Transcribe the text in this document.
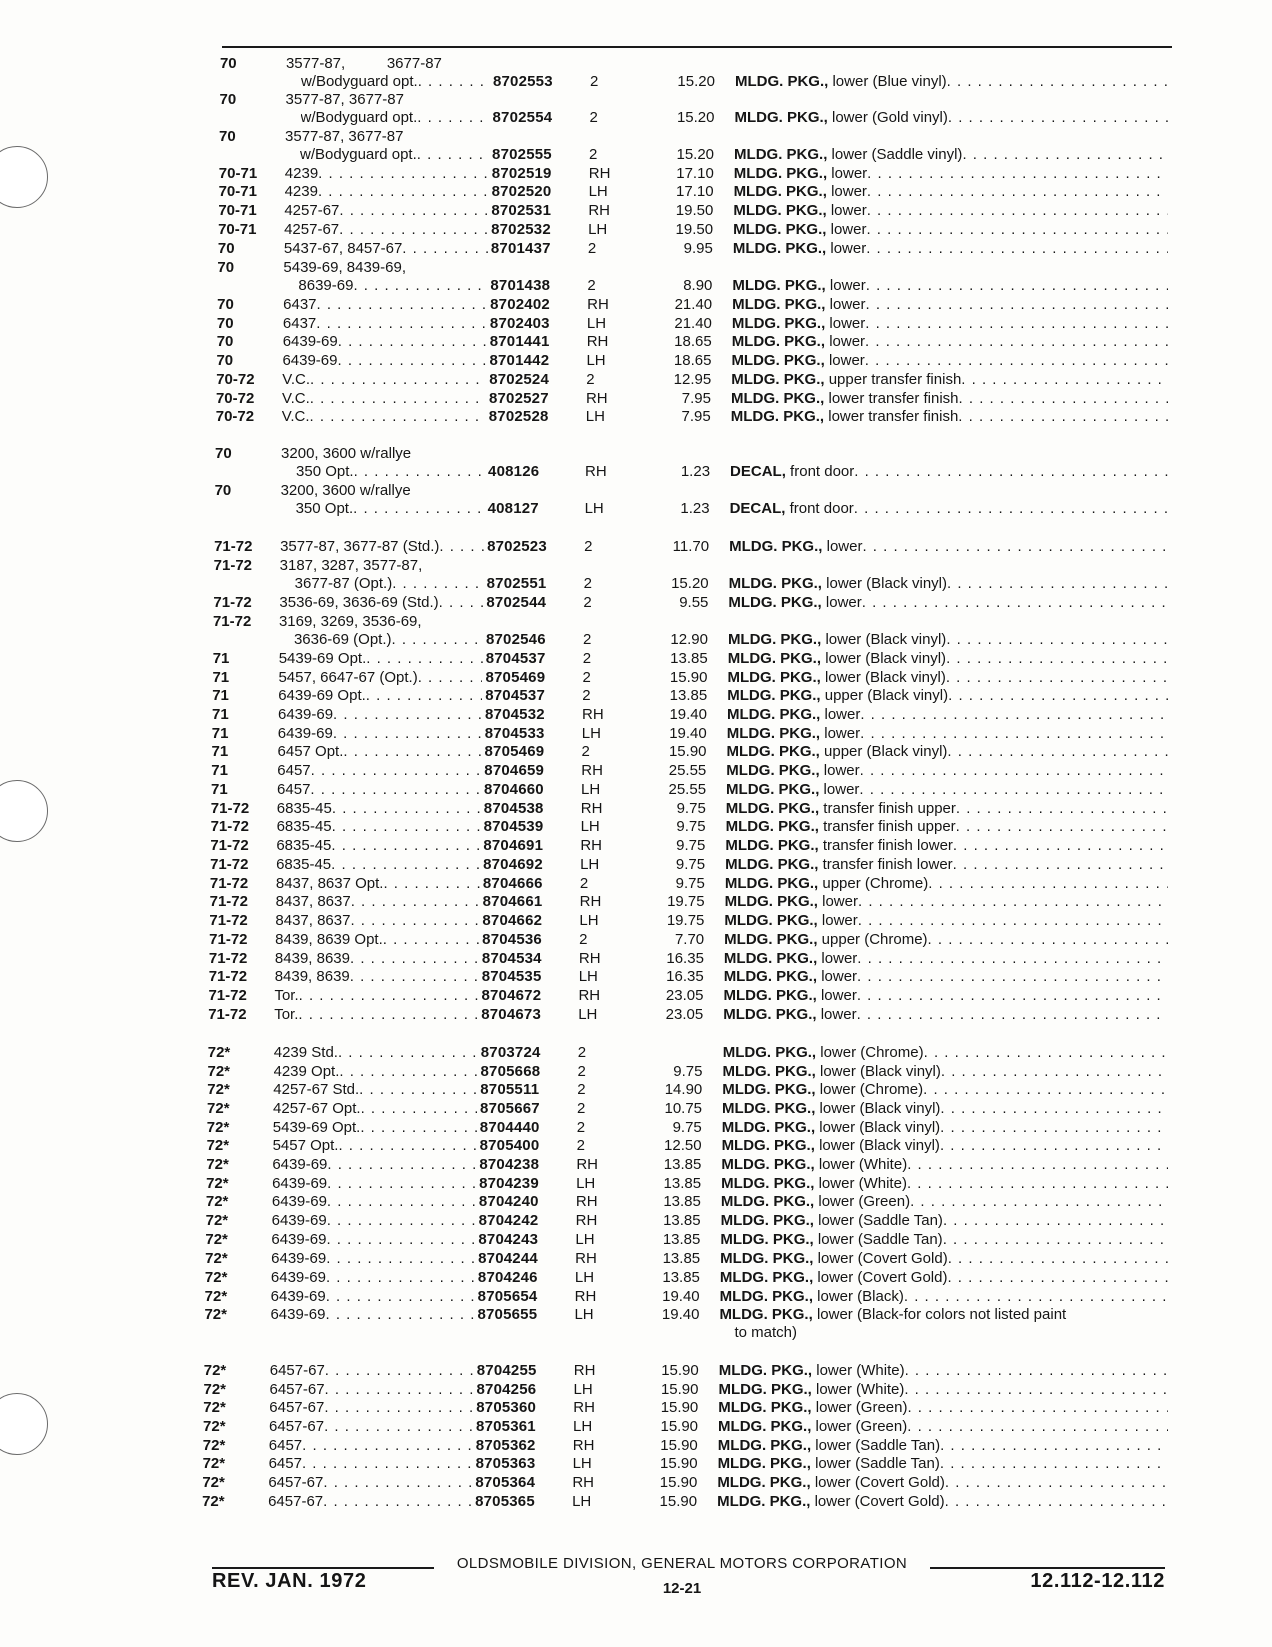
70	3577-87,          3677-87
w/Bodyguard opt. . . .	8702553 2	15.20 MLDG. PKG., lower (Blue vinyl)
. . .
70	3577-87, 3677-87
w/Bodyguard opt. . . .	8702554 2	15.20 MLDG. PKG., lower (Gold vinyl)
. . .
70	3577-87, 3677-87
w/Bodyguard opt. . . .	8702555 2	15.20 MLDG. PKG., lower (Saddle vinyl)
. . .
70-71 4239 . . .	8702519 RH	17.10 MLDG. PKG., lower
. . .
70-71 4239 . . .	8702520 LH	17.10 MLDG. PKG., lower
. . .
70-71 4257-67 . . .	8702531 RH	19.50 MLDG. PKG., lower
. . .
70-71 4257-67 . . .	8702532 LH	19.50 MLDG. PKG., lower
. . .
70	5437-67, 8457-67 . . .	8701437 2	9.95 MLDG. PKG., lower
. . .
70	5439-69, 8439-69,
8639-69 . . .	8701438 2	8.90 MLDG. PKG., lower
. . .
70	6437 . . .	8702402 RH	21.40 MLDG. PKG., lower
. . .
70	6437 . . .	8702403 LH	21.40 MLDG. PKG., lower
. . .
70	6439-69 . . .	8701441 RH	18.65 MLDG. PKG., lower
. . .
70	6439-69 . . .	8701442 LH	18.65 MLDG. PKG., lower
. . .
70-72 V.C. . . .	8702524 2	12.95 MLDG. PKG., upper transfer finish
. . .
70-72 V.C. . . .	8702527 RH	7.95 MLDG. PKG., lower transfer finish
. . .
70-72 V.C. . . .	8702528 LH	7.95 MLDG. PKG., lower transfer finish
. . .
70	3200, 3600 w/rallye
350 Opt. . . .	408126	RH	1.23 DECAL, front door
. . .
70	3200, 3600 w/rallye
350 Opt. . . .	408127	LH	1.23 DECAL, front door
. . .
71-72 3577-87, 3677-87 (Std.) . . .	8702523 2	11.70 MLDG. PKG., lower
. . .
71-72 3187, 3287, 3577-87,
3677-87 (Opt.) . . .	8702551 2	15.20 MLDG. PKG., lower (Black vinyl)
. . .
71-72 3536-69, 3636-69 (Std.) . . .	8702544 2	9.55 MLDG. PKG., lower
. . .
71-72 3169, 3269, 3536-69,
3636-69 (Opt.) . . .	8702546 2	12.90 MLDG. PKG., lower (Black vinyl)
. . .
71	5439-69 Opt. . . .	8704537 2	13.85 MLDG. PKG., lower (Black vinyl)
. . .
71	5457, 6647-67 (Opt.) . . .	8705469 2	15.90 MLDG. PKG., lower (Black vinyl)
. . .
71	6439-69 Opt. . . .	8704537 2	13.85 MLDG. PKG., upper (Black vinyl)
. . .
71	6439-69 . . .	8704532 RH	19.40 MLDG. PKG., lower
. . .
71	6439-69 . . .	8704533 LH	19.40 MLDG. PKG., lower
. . .
71	6457 Opt. . . .	8705469 2	15.90 MLDG. PKG., upper (Black vinyl)
. . .
71	6457 . . .	8704659 RH	25.55 MLDG. PKG., lower
. . .
71	6457 . . .	8704660 LH	25.55 MLDG. PKG., lower
. . .
71-72 6835-45 . . .	8704538 RH	9.75 MLDG. PKG., transfer finish upper
. . .
71-72 6835-45 . . .	8704539 LH	9.75 MLDG. PKG., transfer finish upper
. . .
71-72 6835-45 . . .	8704691 RH	9.75 MLDG. PKG., transfer finish lower
. . .
71-72 6835-45 . . .	8704692 LH	9.75 MLDG. PKG., transfer finish lower
. . .
71-72 8437, 8637 Opt. . . .	8704666 2	9.75 MLDG. PKG., upper (Chrome)
. . .
71-72 8437, 8637 . . .	8704661 RH	19.75 MLDG. PKG., lower
. . .
71-72 8437, 8637 . . .	8704662 LH	19.75 MLDG. PKG., lower
. . .
71-72 8439, 8639 Opt. . . .	8704536 2	7.70 MLDG. PKG., upper (Chrome)
. . .
71-72 8439, 8639 . . .	8704534 RH	16.35 MLDG. PKG., lower
. . .
71-72 8439, 8639 . . .	8704535 LH	16.35 MLDG. PKG., lower
. . .
71-72 Tor. . . .	8704672 RH	23.05 MLDG. PKG., lower
. . .
71-72 Tor. . . .	8704673 LH	23.05 MLDG. PKG., lower
. . .
72*	4239 Std. . . .	8703724 2	MLDG. PKG., lower (Chrome)
. . .
72*	4239 Opt. . . .	8705668 2	9.75 MLDG. PKG., lower (Black vinyl)
. . .
72*	4257-67 Std. . . .	8705511	2	14.90 MLDG. PKG., lower (Chrome)
. . .
72*	4257-67 Opt. . . .	8705667 2	10.75 MLDG. PKG., lower (Black vinyl)
. . .
72*	5439-69 Opt. . . .	8704440 2	9.75 MLDG. PKG., lower (Black vinyl)
. . .
72*	5457 Opt. . . .	8705400 2	12.50 MLDG. PKG., lower (Black vinyl)
. . .
72*	6439-69 . . .	8704238 RH	13.85 MLDG. PKG., lower (White)
. . .
72*	6439-69 . . .	8704239 LH	13.85 MLDG. PKG., lower (White)
. . .
72*	6439-69 . . .	8704240 RH	13.85 MLDG. PKG., lower (Green)
. . .
72*	6439-69 . . .	8704242 RH	13.85 MLDG. PKG., lower (Saddle Tan)
. . .
72*	6439-69 . . .	8704243 LH	13.85 MLDG. PKG., lower (Saddle Tan)
. . .
72*	6439-69 . . .	8704244 RH	13.85 MLDG. PKG., lower (Covert Gold)
. . .
72*	6439-69 . . .	8704246 LH	13.85 MLDG. PKG., lower (Covert Gold)
. . .
72*	6439-69 . . .	8705654 RH	19.40 MLDG. PKG., lower (Black)
. . .
72*	6439-69 . . .	8705655 LH	19.40 MLDG. PKG., lower (Black-for colors not listed paint
to match)
72*	6457-67 . . .	8704255 RH	15.90 MLDG. PKG., lower (White)
. . .
72*	6457-67 . . .	8704256 LH	15.90 MLDG. PKG., lower (White)
. . .
72*	6457-67 . . .	8705360 RH	15.90 MLDG. PKG., lower (Green)
. . .
72*	6457-67 . . .	8705361 LH	15.90 MLDG. PKG., lower (Green)
. . .
72*	6457 . . .	8705362 RH	15.90 MLDG. PKG., lower (Saddle Tan)
. . .
72*	6457 . . .	8705363 LH	15.90 MLDG. PKG., lower (Saddle Tan)
. . .
72*	6457-67 . . .	8705364 RH	15.90 MLDG. PKG., lower (Covert Gold)
. . .
72*	6457-67 . . .	8705365 LH	15.90 MLDG. PKG., lower (Covert Gold)
. . .
OLDSMOBILE DIVISION, GENERAL MOTORS CORPORATION
REV. JAN. 1972	12-21	12.112-12.112
